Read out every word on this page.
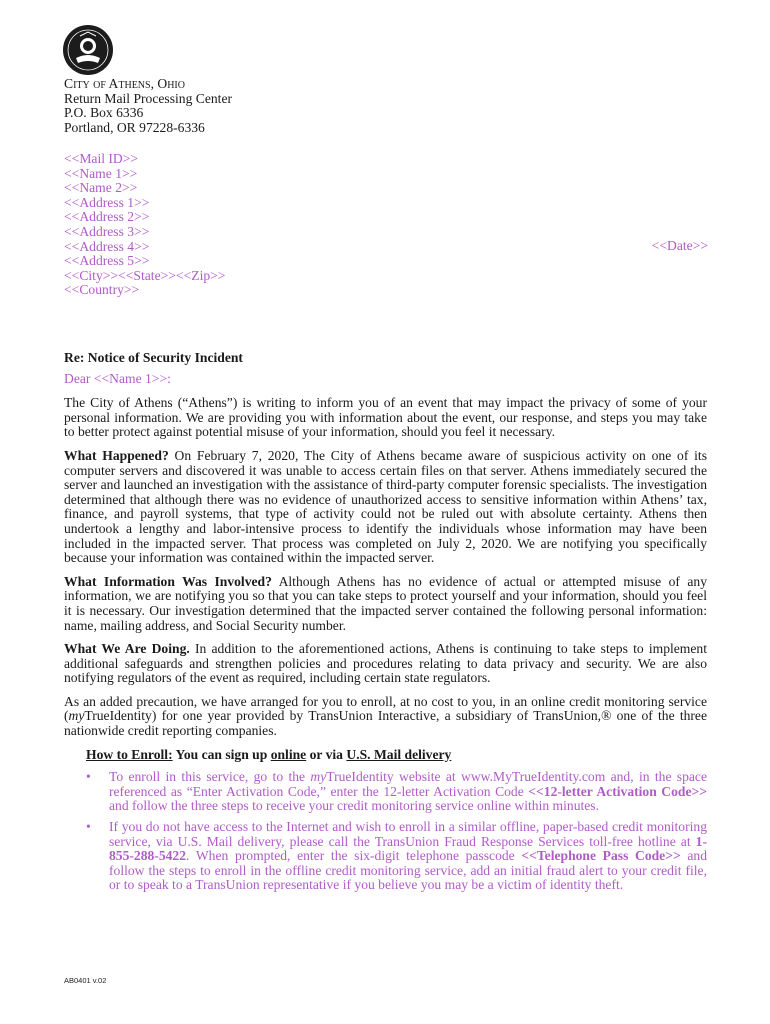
City of Athens, Ohio
Return Mail Processing Center
P.O. Box 6336
Portland, OR 97228-6336
<<Mail ID>>
<<Name 1>>
<<Name 2>>
<<Address 1>>
<<Address 2>>
<<Address 3>>
<<Address 4>>
<<Address 5>>
<<City>><<State>><<Zip>>
<<Country>>
<<Date>>

Re: Notice of Security Incident

Dear <<Name 1>>:

The City of Athens (“Athens”) is writing to inform you of an event that may impact the privacy of some of your personal information. We are providing you with information about the event, our response, and steps you may take to better protect against potential misuse of your information, should you feel it necessary.

What Happened? On February 7, 2020, The City of Athens became aware of suspicious activity on one of its computer servers and discovered it was unable to access certain files on that server. Athens immediately secured the server and launched an investigation with the assistance of third-party computer forensic specialists. The investigation determined that although there was no evidence of unauthorized access to sensitive information within Athens’ tax, finance, and payroll systems, that type of activity could not be ruled out with absolute certainty. Athens then undertook a lengthy and labor-intensive process to identify the individuals whose information may have been included in the impacted server. That process was completed on July 2, 2020. We are notifying you specifically because your information was contained within the impacted server.

What Information Was Involved? Although Athens has no evidence of actual or attempted misuse of any information, we are notifying you so that you can take steps to protect yourself and your information, should you feel it is necessary. Our investigation determined that the impacted server contained the following personal information: name, mailing address, and Social Security number.

What We Are Doing. In addition to the aforementioned actions, Athens is continuing to take steps to implement additional safeguards and strengthen policies and procedures relating to data privacy and security. We are also notifying regulators of the event as required, including certain state regulators.

As an added precaution, we have arranged for you to enroll, at no cost to you, in an online credit monitoring service (myTrueIdentity) for one year provided by TransUnion Interactive, a subsidiary of TransUnion,® one of the three nationwide credit reporting companies.

How to Enroll: You can sign up online or via U.S. Mail delivery

• To enroll in this service, go to the myTrueIdentity website at www.MyTrueIdentity.com and, in the space referenced as “Enter Activation Code,” enter the 12-letter Activation Code <<12-letter Activation Code>> and follow the three steps to receive your credit monitoring service online within minutes.
• If you do not have access to the Internet and wish to enroll in a similar offline, paper-based credit monitoring service, via U.S. Mail delivery, please call the TransUnion Fraud Response Services toll-free hotline at 1-855-288-5422. When prompted, enter the six-digit telephone passcode <<Telephone Pass Code>> and follow the steps to enroll in the offline credit monitoring service, add an initial fraud alert to your credit file, or to speak to a TransUnion representative if you believe you may be a victim of identity theft.
AB0401 v.02
